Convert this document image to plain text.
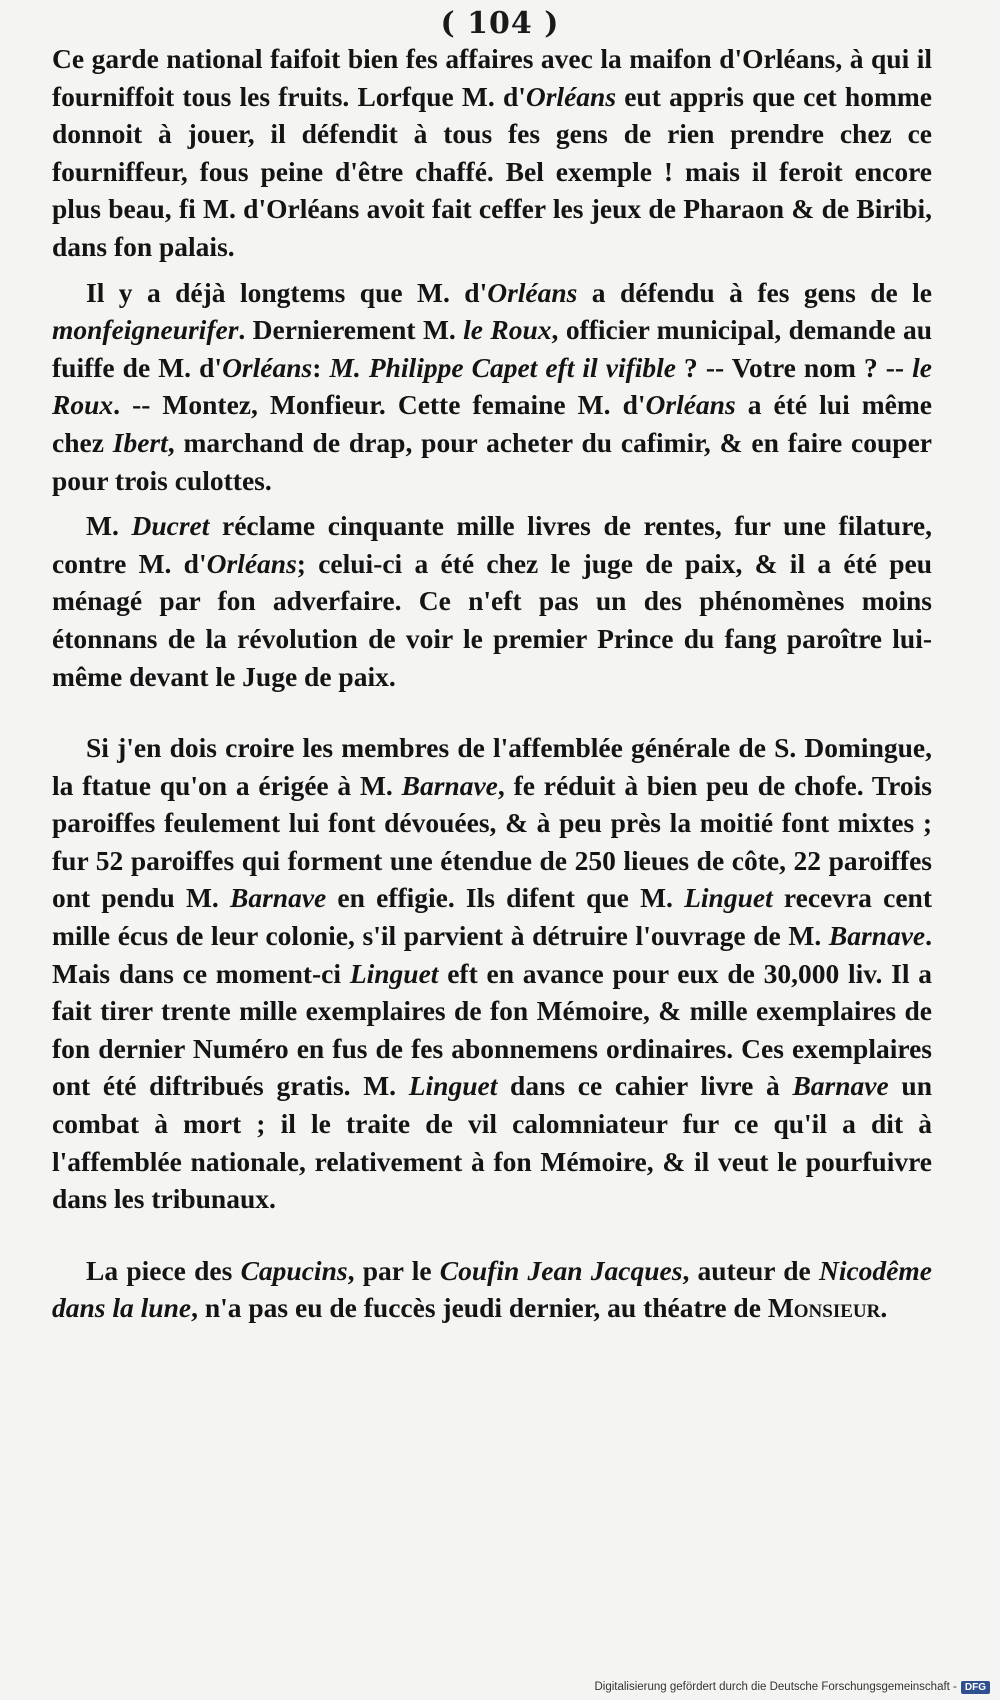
( 104 )

Ce garde national faifoit bien fes affaires avec la maifon d'Orléans, à qui il fourniffoit tous les fruits. Lorfque M. d'Orléans eut appris que cet homme donnoit à jouer, il défendit à tous fes gens de rien prendre chez ce fourniffeur, fous peine d'être chaffé. Bel exemple ! mais il feroit encore plus beau, fi M. d'Orléans avoit fait ceffer les jeux de Pharaon & de Biribi, dans fon palais.

Il y a déjà longtems que M. d'Orléans a défendu à fes gens de le monfeigneurifer. Dernierement M. le Roux, officier municipal, demande au fuiffe de M. d'Orléans: M. Philippe Capet eft il vifible ? -- Votre nom ? -- le Roux. -- Montez, Monfieur. Cette femaine M. d'Orléans a été lui même chez Ibert, marchand de drap, pour acheter du cafimir, & en faire couper pour trois culottes.

M. Ducret réclame cinquante mille livres de rentes, fur une filature, contre M. d'Orléans; celui-ci a été chez le juge de paix, & il a été peu ménagé par fon adverfaire. Ce n'eft pas un des phénomènes moins étonnans de la révolution de voir le premier Prince du fang paroître lui-même devant le Juge de paix.

Si j'en dois croire les membres de l'affemblée générale de S. Domingue, la ftatue qu'on a érigée à M. Barnave, fe réduit à bien peu de chofe. Trois paroiffes feulement lui font dévouées, & à peu près la moitié font mixtes ; fur 52 paroiffes qui forment une étendue de 250 lieues de côte, 22 paroiffes ont pendu M. Barnave en effigie. Ils difent que M. Linguet recevra cent mille écus de leur colonie, s'il parvient à détruire l'ouvrage de M. Barnave. Mais dans ce moment-ci Linguet eft en avance pour eux de 30,000 liv. Il a fait tirer trente mille exemplaires de fon Mémoire, & mille exemplaires de fon dernier Numéro en fus de fes abonnemens ordinaires. Ces exemplaires ont été diftribués gratis. M. Linguet dans ce cahier livre à Barnave un combat à mort ; il le traite de vil calomniateur fur ce qu'il a dit à l'affemblée nationale, relativement à fon Mémoire, & il veut le pourfuivre dans les tribunaux.

La piece des Capucins, par le Coufin Jean Jacques, auteur de Nicodême dans la lune, n'a pas eu de fuccès jeudi dernier, au théatre de Monsieur.

Digitalisierung gefördert durch die Deutsche Forschungsgemeinschaft - DFG
